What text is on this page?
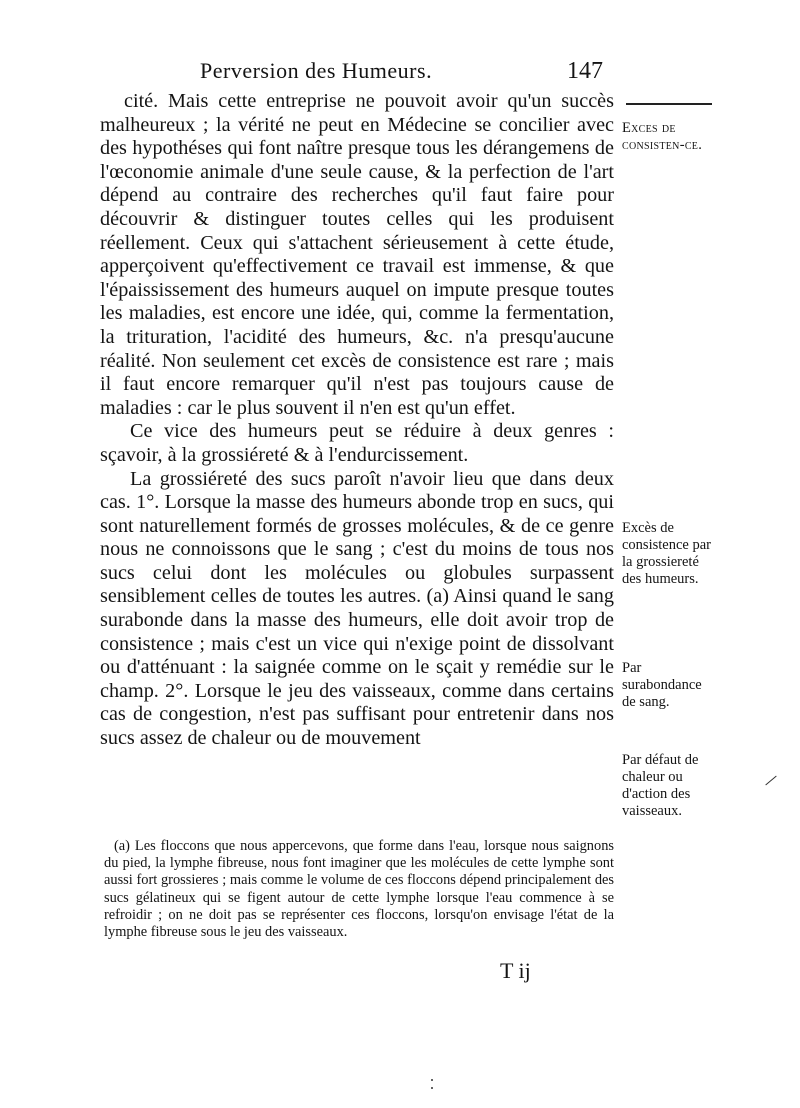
Perversion des Humeurs.	147

cité. Mais cette entreprise ne pouvoit avoir qu'un succès malheureux ; la vérité ne peut en Médecine se concilier avec des hypothéses qui font naître presque tous les dérangemens de l'œconomie animale d'une seule cause, & la perfection de l'art dépend au contraire des recherches qu'il faut faire pour découvrir & distinguer toutes celles qui les produisent réellement. Ceux qui s'attachent sérieusement à cette étude, apperçoivent qu'effectivement ce travail est immense, & que l'épaississement des humeurs auquel on impute presque toutes les maladies, est encore une idée, qui, comme la fermentation, la trituration, l'acidité des humeurs, &c. n'a presqu'aucune réalité. Non seulement cet excès de consistence est rare ; mais il faut encore remarquer qu'il n'est pas toujours cause de maladies : car le plus souvent il n'en est qu'un effet.

Ce vice des humeurs peut se réduire à deux genres : sçavoir, à la grossiéreté & à l'endurcissement.

La grossiéreté des sucs paroît n'avoir lieu que dans deux cas. 1°. Lorsque la masse des humeurs abonde trop en sucs, qui sont naturellement formés de grosses molécules, & de ce genre nous ne connoissons que le sang ; c'est du moins de tous nos sucs celui dont les molécules ou globules surpassent sensiblement celles de toutes les autres. (a) Ainsi quand le sang surabonde dans la masse des humeurs, elle doit avoir trop de consistence ; mais c'est un vice qui n'exige point de dissolvant ou d'atténuant : la saignée comme on le sçait y remédie sur le champ. 2°. Lorsque le jeu des vaisseaux, comme dans certains cas de congestion, n'est pas suffisant pour entretenir dans nos sucs assez de chaleur ou de mouvement

Exces de consisten-ce.
Excès de consistence par la grossiereté des humeurs.
Par surabondance de sang.
Par défaut de chaleur ou d'action des vaisseaux.

(a) Les floccons que nous appercevons, que forme dans l'eau, lorsque nous saignons du pied, la lymphe fibreuse, nous font imaginer que les molécules de cette lymphe sont aussi fort grossieres ; mais comme le volume de ces floccons dépend principalement des sucs gélatineux qui se figent autour de cette lymphe lorsque l'eau commence à se refroidir ; on ne doit pas se représenter ces floccons, lorsqu'on envisage l'état de la lymphe fibreuse sous le jeu des vaisseaux.

T ij
